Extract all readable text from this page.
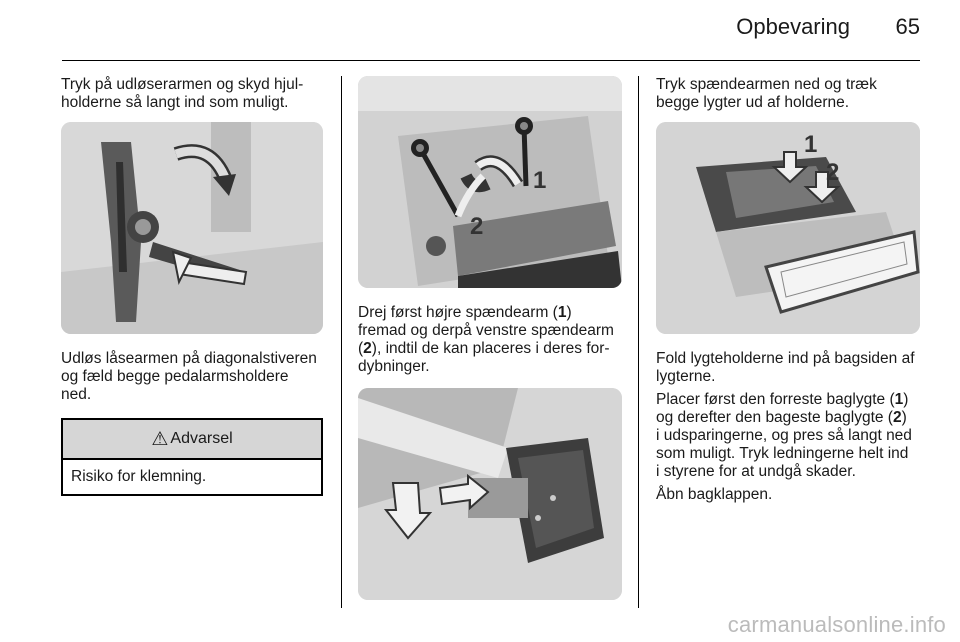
Opbevaring	65

Tryk på udløserarmen og skyd hjul-
holderne så langt ind som muligt.

Udløs låsearmen på diagonalstiveren
og fæld begge pedalarmsholdere
ned.

⚠ Advarsel
Risiko for klemning.
1
2

Drej først højre spændearm (1)
fremad og derpå venstre spændearm
(2), indtil de kan placeres i deres for-
dybninger.

Tryk spændearmen ned og træk
begge lygter ud af holderne.

1
2

Fold lygteholderne ind på bagsiden af
lygterne.

Placer først den forreste baglygte (1)
og derefter den bageste baglygte (2)
i udsparingerne, og pres så langt ned
som muligt. Tryk ledningerne helt ind
i styrene for at undgå skader.

Åbn bagklappen.

carmanualsonline.info
